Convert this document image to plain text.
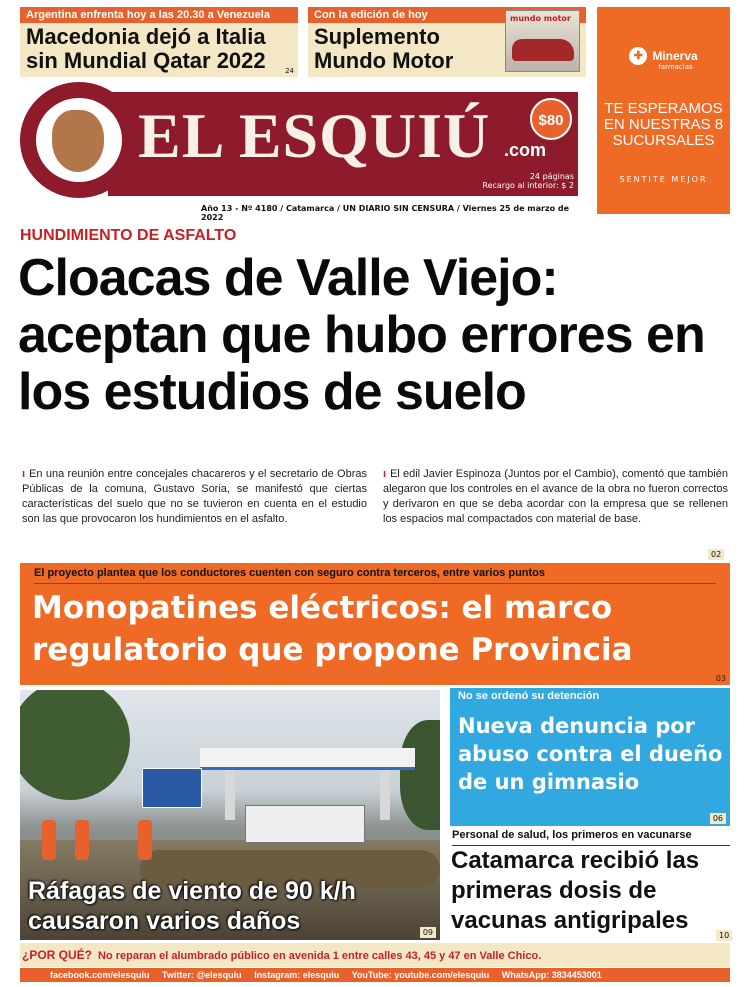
Argentina enfrenta hoy a las 20.30 a Venezuela
Macedonia dejó a Italia sin Mundial Qatar 2022	24
Con la edición de hoy
Suplemento Mundo Motor
mundo motor
✚ Minerva
farmacias
TE ESPERAMOS EN NUESTRAS 8 SUCURSALES
SENTITE MEJOR
EL ESQUIÚ .com
$80
24 páginas
Recargo al interior: $ 2
Año 13 - Nº 4180 / Catamarca / UN DIARIO SIN CENSURA / Viernes 25 de marzo de 2022
HUNDIMIENTO DE ASFALTO
Cloacas de Valle Viejo: aceptan que hubo errores en los estudios de suelo
ı En una reunión entre concejales chacareros y el secretario de Obras Públicas de la comuna, Gustavo Soria, se manifestó que ciertas características del suelo que no se tuvieron en cuenta en el estudio son las que provocaron los hundimientos en el asfalto.
ı El edil Javier Espinoza (Juntos por el Cambio), comentó que también alegaron que los controles en el avance de la obra no fueron correctos y derivaron en que se deba acordar con la empresa que se rellenen los espacios mal compactados con material de base.
02
El proyecto plantea que los conductores cuenten con seguro contra terceros, entre varios puntos
Monopatines eléctricos: el marco regulatorio que propone Provincia
03
Ráfagas de viento de 90 k/h causaron varios daños	09
No se ordenó su detención
Nueva denuncia por abuso contra el dueño de un gimnasio
06
Personal de salud, los primeros en vacunarse
Catamarca recibió las primeras dosis de vacunas antigripales
10
¿POR QUÉ? No reparan el alumbrado público en avenida 1 entre calles 43, 45 y 47 en Valle Chico.
facebook.com/elesquiu Twitter: @elesquiu Instagram: elesquiu YouTube: youtube.com/elesquiu WhatsApp: 3834453001
